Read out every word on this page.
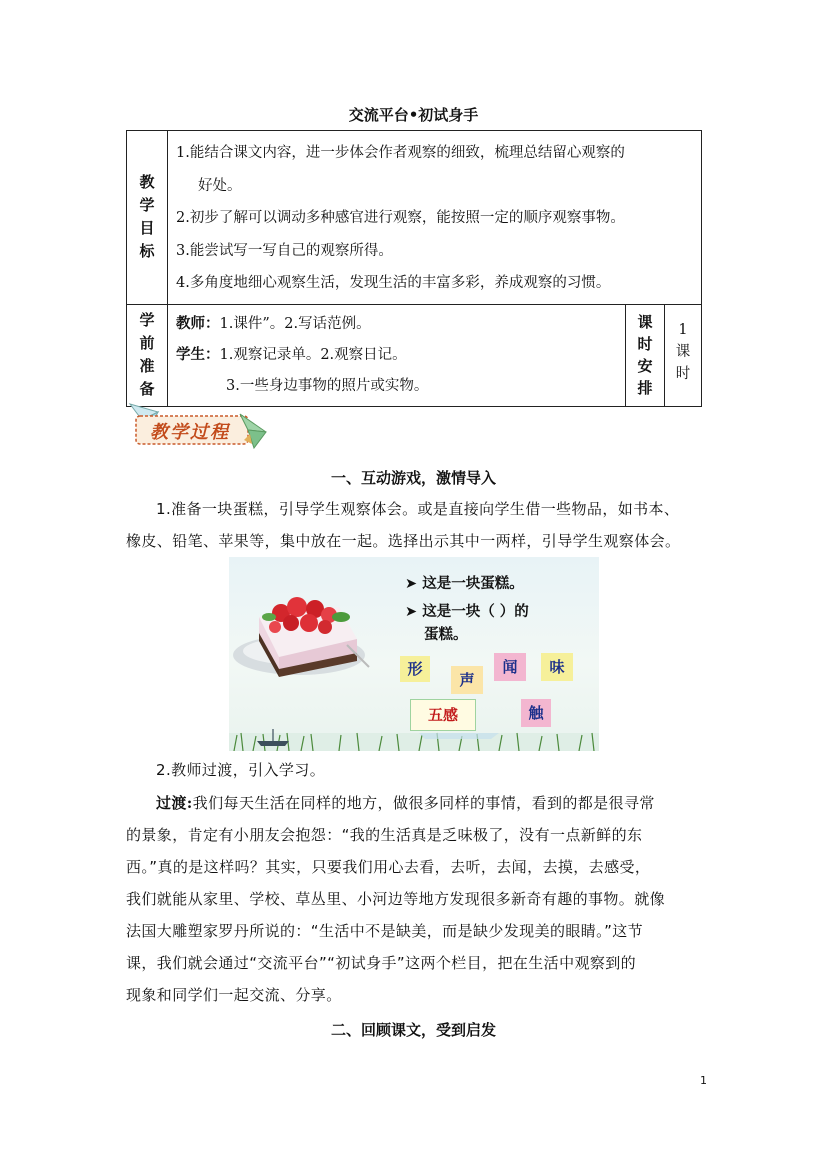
交流平台•初试身手
教学目标	1.能结合课文内容，进一步体会作者观察的细致，梳理总结留心观察的
好处。
2.初步了解可以调动多种感官进行观察，能按照一定的顺序观察事物。
3.能尝试写一写自己的观察所得。
4.多角度地细心观察生活，发现生活的丰富多彩，养成观察的习惯。		

学前准备	教师：1.课件”。2.写话范例。
学生：1.观察记录单。2.观察日记。
3.一些身边事物的照片或实物。	课时安排	1课时
教学过程
一、互动游戏，激情导入
1.准备一块蛋糕，引导学生观察体会。或是直接向学生借一些物品，如书本、
橡皮、铅笔、苹果等，集中放在一起。选择出示其中一两样，引导学生观察体会。
➤ 这是一块蛋糕。
➤ 这是一块（ ）的
蛋糕。
形
声
闻	味
五感	触
2.教师过渡，引入学习。
过渡:我们每天生活在同样的地方，做很多同样的事情，看到的都是很寻常
的景象，肯定有小朋友会抱怨：“我的生活真是乏味极了，没有一点新鲜的东
西。”真的是这样吗？其实，只要我们用心去看，去听，去闻，去摸，去感受，
我们就能从家里、学校、草丛里、小河边等地方发现很多新奇有趣的事物。就像
法国大雕塑家罗丹所说的：“生活中不是缺美，而是缺少发现美的眼睛。”这节
课，我们就会通过“交流平台”“初试身手”这两个栏目，把在生活中观察到的
现象和同学们一起交流、分享。
二、回顾课文，受到启发
1
